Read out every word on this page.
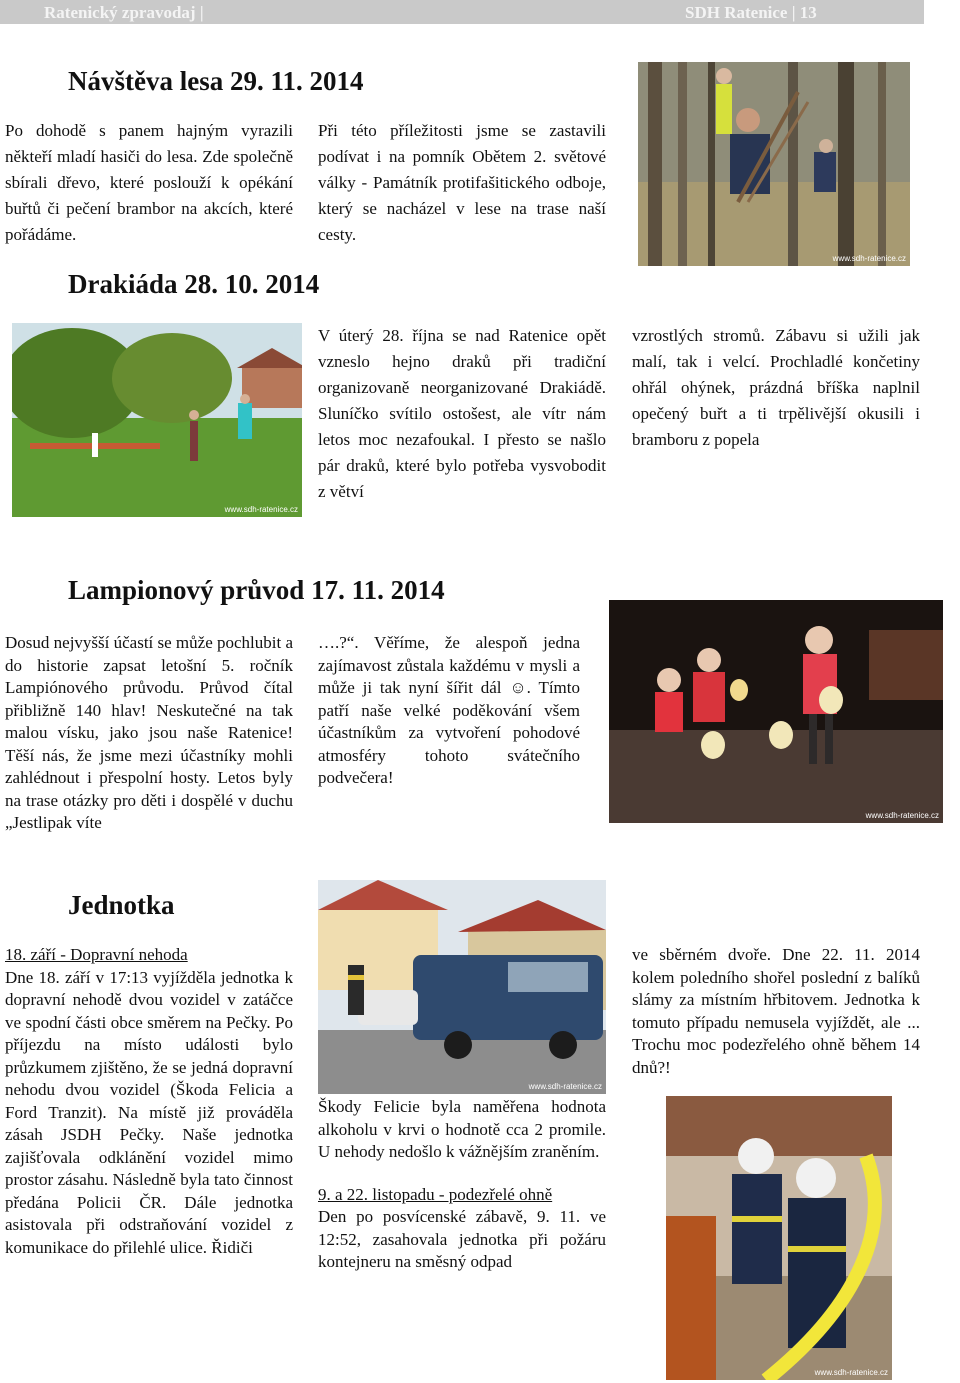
Ratenický zpravodaj |	SDH Ratenice | 13
Návštěva lesa 29. 11. 2014

Po dohodě s panem hajným vyrazili někteří mladí hasiči do lesa. Zde společně sbírali dřevo, které poslouží k opékání buřtů či pečení brambor na akcích, které pořádáme.

Při této příležitosti jsme se zastavili podívat i na pomník Obětem 2. světové války - Památník protifašitického odboje, který se nacházel v lese na trase naší cesty.

www.sdh-ratenice.cz
Drakiáda 28. 10. 2014
www.sdh-ratenice.cz

V úterý 28. října se nad Ratenice opět vzneslo hejno draků při tradiční organizovaně neorganizované Drakiádě. Sluníčko svítilo ostošest, ale vítr nám letos moc nezafoukal. I přesto se našlo pár draků, které bylo potřeba vysvobodit z větví

vzrostlých stromů. Zábavu si užili jak malí, tak i velcí. Prochladlé končetiny ohřál ohýnek, prázdná bříška naplnil opečený buřt a ti trpělivější okusili i bramboru z popela

Lampionový průvod 17. 11. 2014

Dosud nejvyšší účastí se může pochlubit a do historie zapsat letošní 5. ročník Lampiónového průvodu. Průvod čítal přibližně 140 hlav! Neskutečné na tak malou vísku, jako jsou naše Ratenice! Těší nás, že jsme mezi účastníky mohli zahlédnout i přespolní hosty. Letos byly na trase otázky pro děti i dospělé v duchu „Jestlipak víte

….?“. Věříme, že alespoň jedna zajímavost zůstala každému v mysli a může ji tak nyní šířit dál ☺. Tímto patří naše velké poděkování všem účastníkům za vytvoření pohodové atmosféry tohoto svátečního podvečera!

www.sdh-ratenice.cz
Jednotka

18. září - Dopravní nehoda

Dne 18. září v 17:13 vyjížděla jednotka k dopravní nehodě dvou vozidel v zatáčce ve spodní části obce směrem na Pečky. Po příjezdu na místo události bylo průzkumem zjištěno, že se jedná dopravní nehodu dvou vozidel (Škoda Felicia a Ford Tranzit). Na místě již prováděla zásah JSDH Pečky. Naše jednotka zajišťovala odklánění vozidel mimo prostor zásahu. Následně byla tato činnost předána Policii ČR. Dále jednotka asistovala při odstraňování vozidel z komunikace do přilehlé ulice. Řidiči

www.sdh-ratenice.cz

Škody Felicie byla naměřena hodnota alkoholu v krvi o hodnotě cca 2 promile. U nehody nedošlo k vážnějším zraněním.

9. a 22. listopadu - podezřelé ohně

Den po posvícenské zábavě, 9. 11. ve 12:52, zasahovala jednotka při požáru kontejneru na směsný odpad

ve sběrném dvoře. Dne 22. 11. 2014 kolem poledního shořel poslední z balíků slámy za místním hřbitovem. Jednotka k tomuto případu nemusela vyjíždět, ale ... Trochu moc podezřelého ohně během 14 dnů?!

www.sdh-ratenice.cz
